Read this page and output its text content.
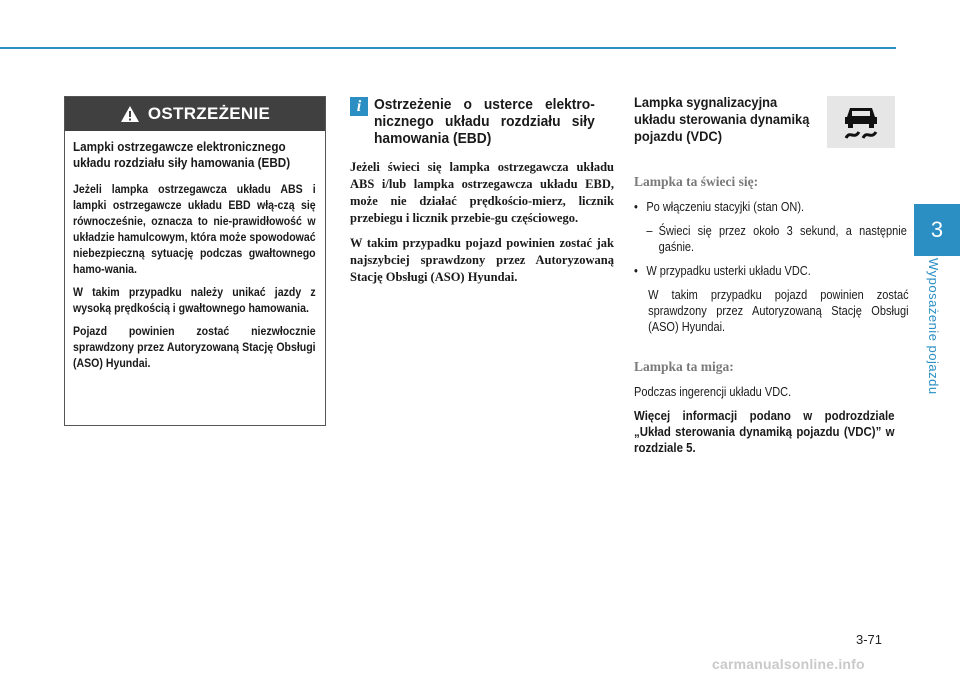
3
Wyposażenie pojazdu
OSTRZEŻENIE

Lampki ostrzegawcze elektronicznego układu rozdziału siły hamowania (EBD)

Jeżeli lampka ostrzegawcza układu ABS i lampki ostrzegawcze układu EBD włą-czą się równocześnie, oznacza to nie-prawidłowość w układzie hamulcowym, która może spowodować niebezpieczną sytuację podczas gwałtownego hamo-wania.

W takim przypadku należy unikać jazdy z wysoką prędkością i gwałtownego hamowania.

Pojazd powinien zostać niezwłocznie sprawdzony przez Autoryzowaną Stację Obsługi (ASO) Hyundai.

i Ostrzeżenie o usterce elektro-nicznego układu rozdziału siły hamowania (EBD)

Jeżeli świeci się lampka ostrzegawcza układu ABS i/lub lampka ostrzegawcza układu EBD, może nie działać prędkościo-mierz, licznik przebiegu i licznik przebie-gu częściowego.

W takim przypadku pojazd powinien zostać jak najszybciej sprawdzony przez Autoryzowaną Stację Obsługi (ASO) Hyundai.

Lampka sygnalizacyjna układu sterowania dynamiką pojazdu (VDC)
Lampka ta świeci się:
• Po włączeniu stacyjki (stan ON).
– Świeci się przez około 3 sekund, a następnie gaśnie.
• W przypadku usterki układu VDC.
W takim przypadku pojazd powinien zostać sprawdzony przez Autoryzowaną Stację Obsługi (ASO) Hyundai.
Lampka ta miga:
Podczas ingerencji układu VDC.

Więcej informacji podano w podrozdziale „Układ sterowania dynamiką pojazdu (VDC)” w rozdziale 5.

3-71
carmanualsonline.info
